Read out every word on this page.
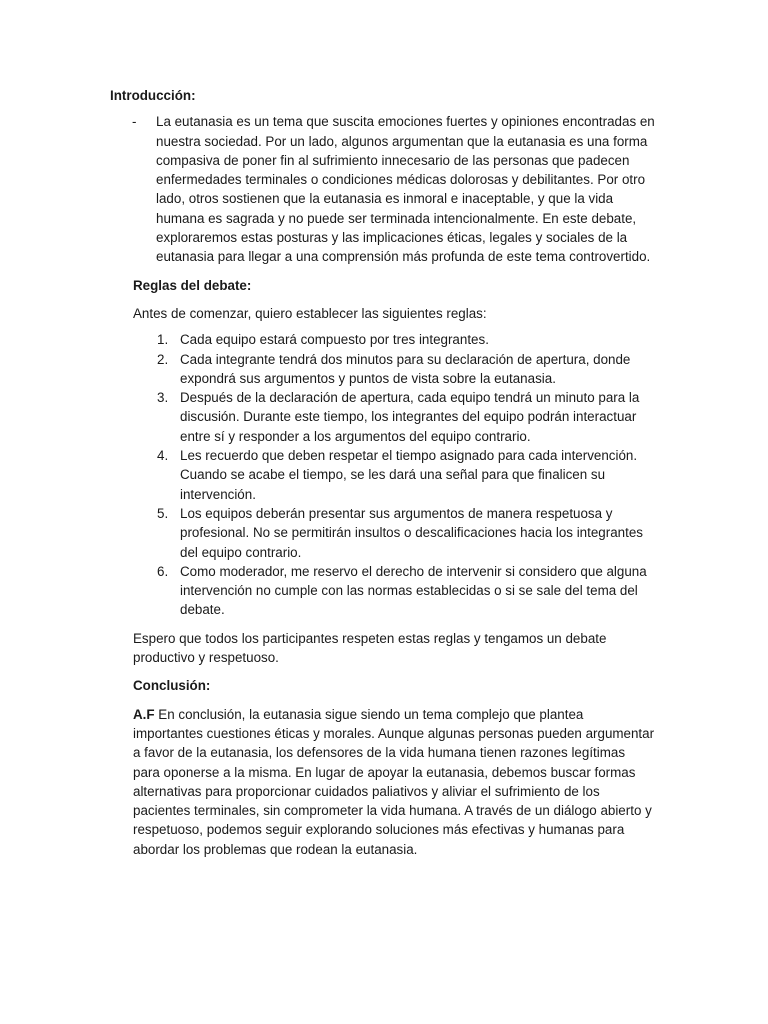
Introducción:

-	La eutanasia es un tema que suscita emociones fuertes y opiniones encontradas en nuestra sociedad. Por un lado, algunos argumentan que la eutanasia es una forma compasiva de poner fin al sufrimiento innecesario de las personas que padecen enfermedades terminales o condiciones médicas dolorosas y debilitantes. Por otro lado, otros sostienen que la eutanasia es inmoral e inaceptable, y que la vida humana es sagrada y no puede ser terminada intencionalmente. En este debate, exploraremos estas posturas y las implicaciones éticas, legales y sociales de la eutanasia para llegar a una comprensión más profunda de este tema controvertido.

Reglas del debate:

Antes de comenzar, quiero establecer las siguientes reglas:

1. Cada equipo estará compuesto por tres integrantes.
2. Cada integrante tendrá dos minutos para su declaración de apertura, donde expondrá sus argumentos y puntos de vista sobre la eutanasia.
3. Después de la declaración de apertura, cada equipo tendrá un minuto para la discusión. Durante este tiempo, los integrantes del equipo podrán interactuar entre sí y responder a los argumentos del equipo contrario.
4. Les recuerdo que deben respetar el tiempo asignado para cada intervención. Cuando se acabe el tiempo, se les dará una señal para que finalicen su intervención.
5. Los equipos deberán presentar sus argumentos de manera respetuosa y profesional. No se permitirán insultos o descalificaciones hacia los integrantes del equipo contrario.
6. Como moderador, me reservo el derecho de intervenir si considero que alguna intervención no cumple con las normas establecidas o si se sale del tema del debate.

Espero que todos los participantes respeten estas reglas y tengamos un debate productivo y respetuoso.

Conclusión:

A.F En conclusión, la eutanasia sigue siendo un tema complejo que plantea importantes cuestiones éticas y morales. Aunque algunas personas pueden argumentar a favor de la eutanasia, los defensores de la vida humana tienen razones legítimas para oponerse a la misma. En lugar de apoyar la eutanasia, debemos buscar formas alternativas para proporcionar cuidados paliativos y aliviar el sufrimiento de los pacientes terminales, sin comprometer la vida humana. A través de un diálogo abierto y respetuoso, podemos seguir explorando soluciones más efectivas y humanas para abordar los problemas que rodean la eutanasia.
